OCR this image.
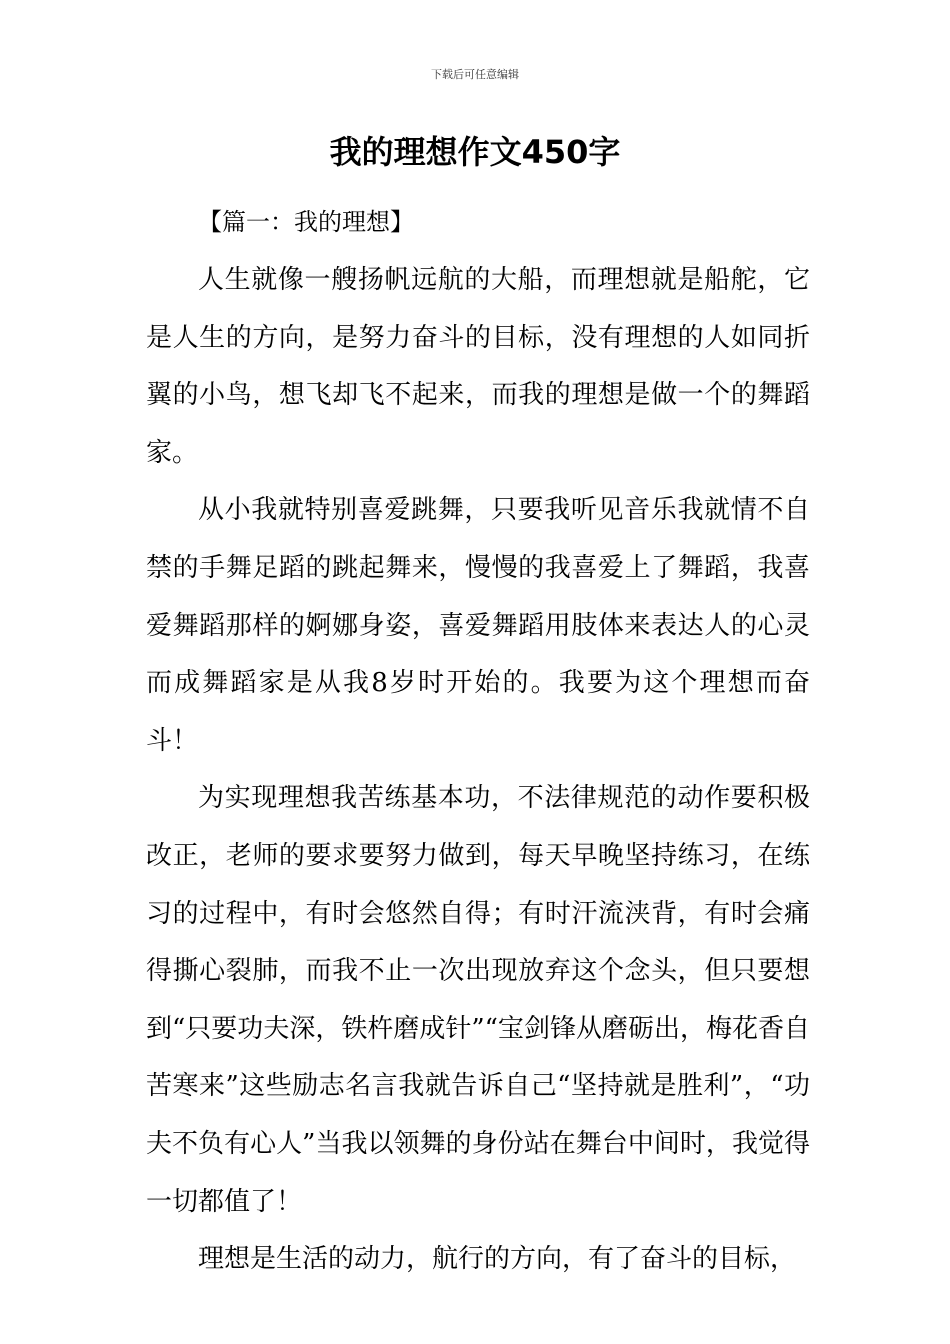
下载后可任意编辑
我的理想作文450字

【篇一：我的理想】

人生就像一艘扬帆远航的大船，而理想就是船舵，它是人生的方向，是努力奋斗的目标，没有理想的人如同折翼的小鸟，想飞却飞不起来，而我的理想是做一个的舞蹈家。

从小我就特别喜爱跳舞，只要我听见音乐我就情不自禁的手舞足蹈的跳起舞来，慢慢的我喜爱上了舞蹈，我喜爱舞蹈那样的婀娜身姿，喜爱舞蹈用肢体来表达人的心灵而成舞蹈家是从我8岁时开始的。我要为这个理想而奋斗！

为实现理想我苦练基本功，不法律规范的动作要积极改正，老师的要求要努力做到，每天早晚坚持练习，在练习的过程中，有时会悠然自得；有时汗流浃背，有时会痛得撕心裂肺，而我不止一次出现放弃这个念头，但只要想到“只要功夫深，铁杵磨成针”“宝剑锋从磨砺出，梅花香自苦寒来”这些励志名言我就告诉自己“坚持就是胜利”，“功夫不负有心人”当我以领舞的身份站在舞台中间时，我觉得一切都值了！

理想是生活的动力，航行的方向，有了奋斗的目标，
